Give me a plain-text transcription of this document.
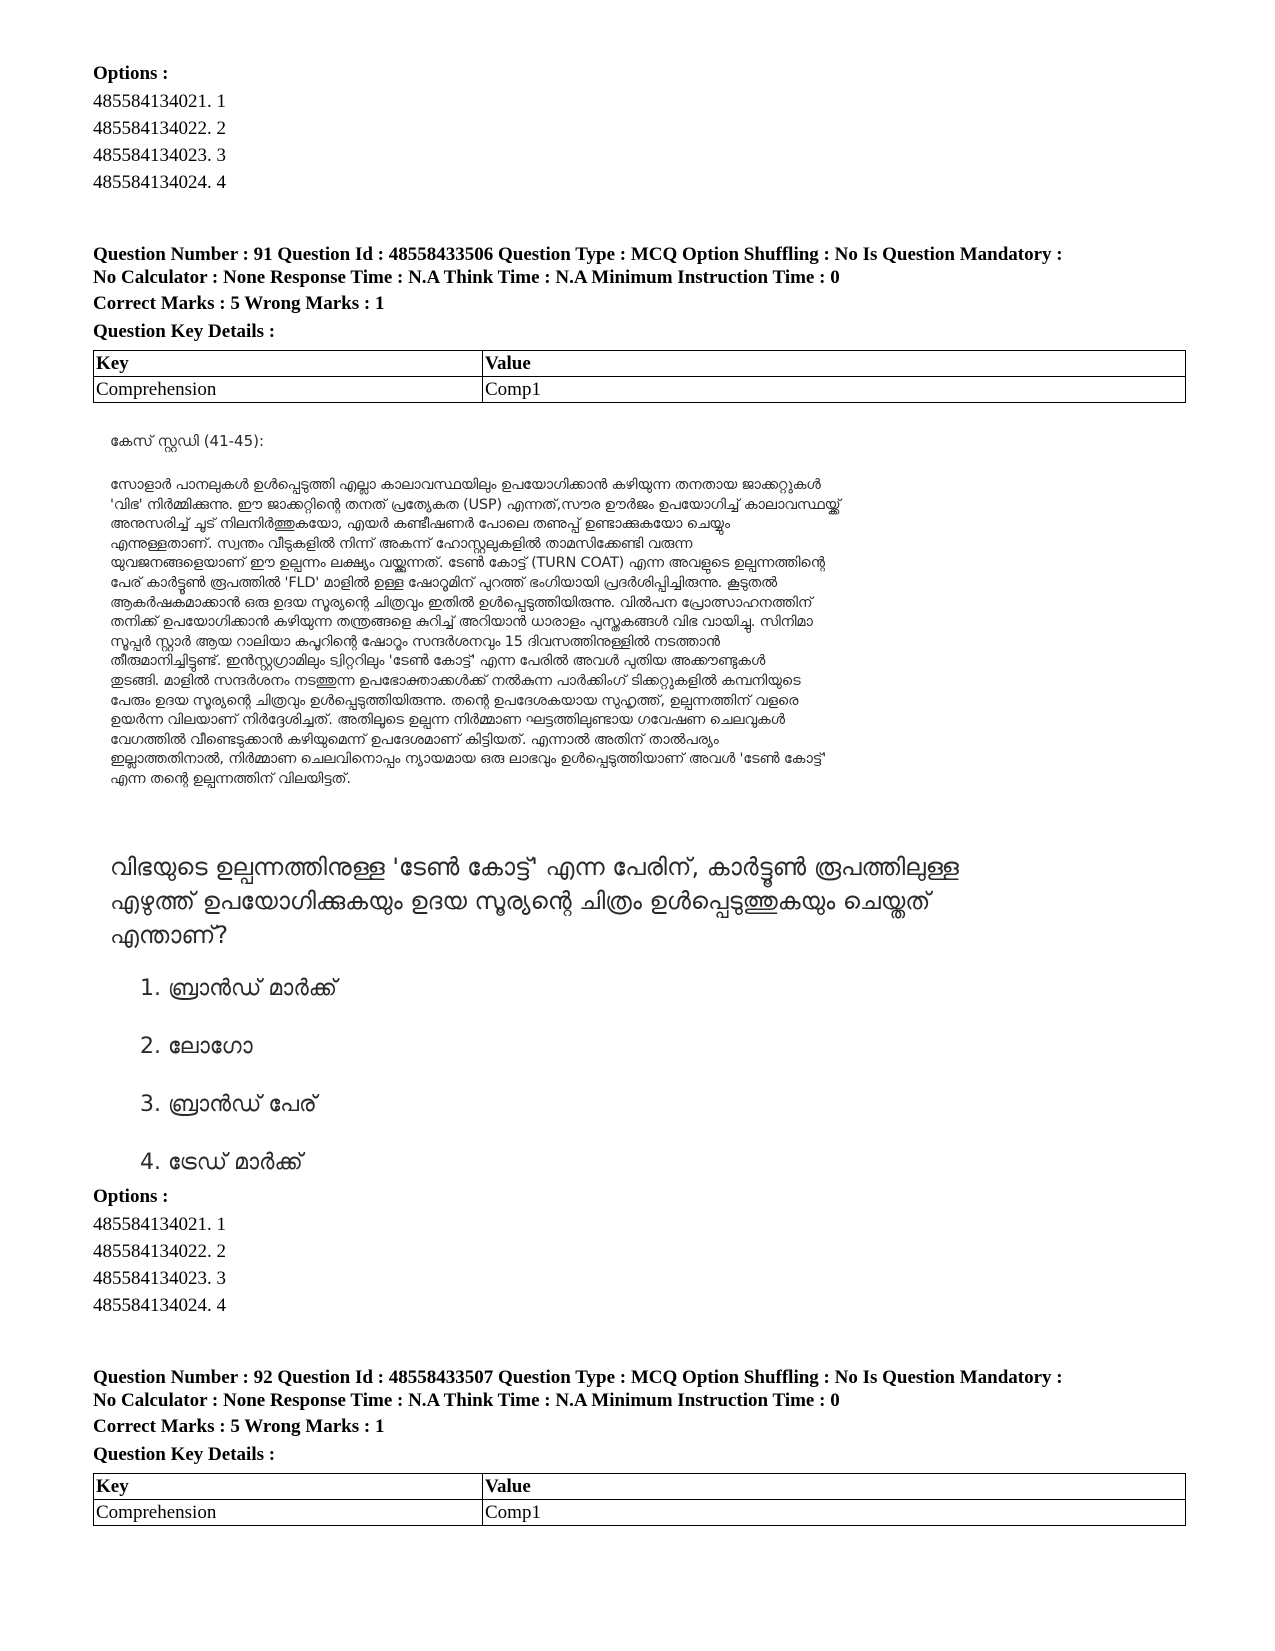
Options :
485584134021. 1
485584134022. 2
485584134023. 3
485584134024. 4
Question Number : 91 Question Id : 48558433506 Question Type : MCQ Option Shuffling : No Is Question Mandatory :
No Calculator : None Response Time : N.A Think Time : N.A Minimum Instruction Time : 0
Correct Marks : 5 Wrong Marks : 1
Question Key Details :
Key	Value
Comprehension	Comp1
കേസ് സ്റ്റഡി (41-45):
സോളാർ പാനലുകൾ ഉൾപ്പെടുത്തി എല്ലാ കാലാവസ്ഥയിലും ഉപയോഗിക്കാൻ കഴിയുന്ന തനതായ ജാക്കറ്റുകൾ
'വിഭ' നിർമ്മിക്കുന്നു. ഈ ജാക്കറ്റിന്റെ തനത് പ്രത്യേകത (USP) എന്നത്,സൗര ഊർജം ഉപയോഗിച്ച് കാലാവസ്ഥയ്ക്ക്
അനുസരിച്ച് ചൂട് നിലനിർത്തുകയോ, എയർ കണ്ടീഷണർ പോലെ തണുപ്പ് ഉണ്ടാക്കുകയോ ചെയ്യും
എന്നുള്ളതാണ്. സ്വന്തം വീടുകളിൽ നിന്ന് അകന്ന് ഹോസ്റ്റലുകളിൽ താമസിക്കേണ്ടി വരുന്ന
യുവജനങ്ങളെയാണ് ഈ ഉല്പന്നം ലക്ഷ്യം വയ്ക്കുന്നത്. ടേൺ കോട്ട് (TURN COAT) എന്ന അവളുടെ ഉല്പന്നത്തിന്റെ
പേര് കാർട്ടൂൺ രൂപത്തിൽ 'FLD' മാളിൽ ഉള്ള ഷോറൂമിന് പുറത്ത് ഭംഗിയായി പ്രദർശിപ്പിച്ചിരുന്നു. കൂടുതൽ
ആകർഷകമാക്കാൻ ഒരു ഉദയ സൂര്യന്റെ ചിത്രവും ഇതിൽ ഉൾപ്പെടുത്തിയിരുന്നു. വിൽപന പ്രോത്സാഹനത്തിന്
തനിക്ക് ഉപയോഗിക്കാൻ കഴിയുന്ന തന്ത്രങ്ങളെ കുറിച്ച് അറിയാൻ ധാരാളം പുസ്തകങ്ങൾ വിഭ വായിച്ചു. സിനിമാ
സൂപ്പർ സ്റ്റാർ ആയ റാലിയാ കപൂറിന്റെ ഷോറൂം സന്ദർശനവും 15 ദിവസത്തിനുള്ളിൽ നടത്താൻ
തീരുമാനിച്ചിട്ടുണ്ട്. ഇൻസ്റ്റഗ്രാമിലും ട്വിറ്ററിലും 'ടേൺ കോട്ട്' എന്ന പേരിൽ അവൾ പുതിയ അക്കൗണ്ടുകൾ
തുടങ്ങി. മാളിൽ സന്ദർശനം നടത്തുന്ന ഉപഭോക്താക്കൾക്ക് നൽകുന്ന പാർക്കിംഗ് ടിക്കറ്റുകളിൽ കമ്പനിയുടെ
പേരും ഉദയ സൂര്യന്റെ ചിത്രവും ഉൾപ്പെടുത്തിയിരുന്നു. തന്റെ ഉപദേശകയായ സുഹൃത്ത്, ഉല്പന്നത്തിന് വളരെ
ഉയർന്ന വിലയാണ് നിർദ്ദേശിച്ചത്. അതിലൂടെ ഉല്പന്ന നിർമ്മാണ ഘട്ടത്തിലുണ്ടായ ഗവേഷണ ചെലവുകൾ
വേഗത്തിൽ വീണ്ടെടുക്കാൻ കഴിയുമെന്ന് ഉപദേശമാണ് കിട്ടിയത്. എന്നാൽ അതിന് താൽപര്യം
ഇല്ലാത്തതിനാൽ, നിർമ്മാണ ചെലവിനൊപ്പം ന്യായമായ ഒരു ലാഭവും ഉൾപ്പെടുത്തിയാണ് അവൾ 'ടേൺ കോട്ട്'
എന്ന തന്റെ ഉല്പന്നത്തിന് വിലയിട്ടത്.
വിഭയുടെ ഉല്പന്നത്തിനുള്ള 'ടേൺ കോട്ട്' എന്ന പേരിന്, കാർട്ടൂൺ രൂപത്തിലുള്ള
എഴുത്ത് ഉപയോഗിക്കുകയും ഉദയ സൂര്യന്റെ ചിത്രം ഉൾപ്പെടുത്തുകയും ചെയ്തത്
എന്താണ്?
1. ബ്രാൻഡ് മാർക്ക്
2. ലോഗോ
3. ബ്രാൻഡ് പേര്
4. ട്രേഡ് മാർക്ക്
Options :
485584134021. 1
485584134022. 2
485584134023. 3
485584134024. 4
Question Number : 92 Question Id : 48558433507 Question Type : MCQ Option Shuffling : No Is Question Mandatory :
No Calculator : None Response Time : N.A Think Time : N.A Minimum Instruction Time : 0
Correct Marks : 5 Wrong Marks : 1
Question Key Details :
Key	Value
Comprehension	Comp1
